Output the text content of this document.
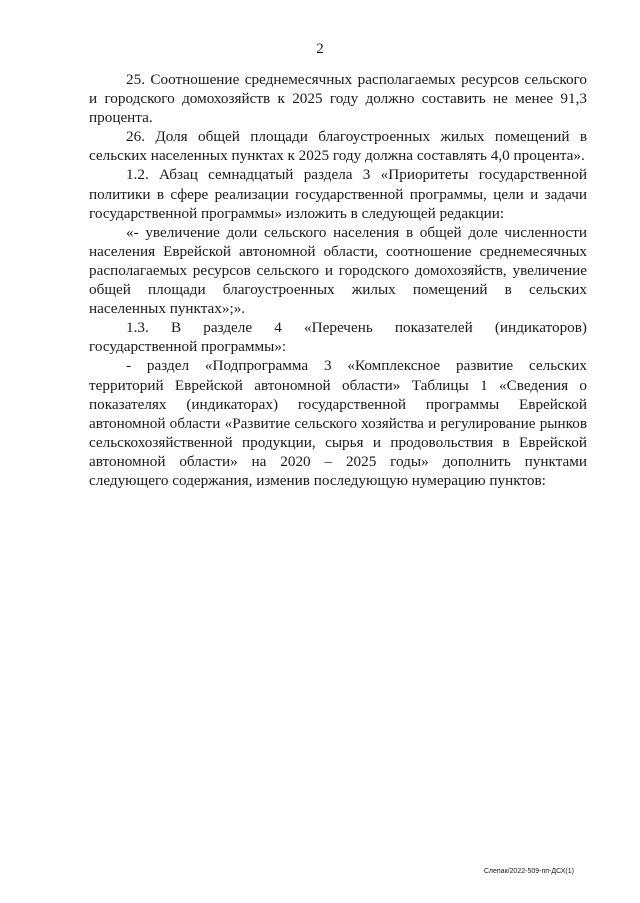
2

25. Соотношение среднемесячных располагаемых ресурсов сельского и городского домохозяйств к 2025 году должно составить не менее 91,3 процента.

26. Доля общей площади благоустроенных жилых помещений в сельских населенных пунктах к 2025 году должна составлять 4,0 процента».

1.2. Абзац семнадцатый раздела 3 «Приоритеты государственной политики в сфере реализации государственной программы, цели и задачи государственной программы» изложить в следующей редакции:

«- увеличение доли сельского населения в общей доле численности населения Еврейской автономной области, соотношение среднемесячных располагаемых ресурсов сельского и городского домохозяйств, увеличение общей площади благоустроенных жилых помещений в сельских населенных пунктах»;».

1.3. В разделе 4 «Перечень показателей (индикаторов) государственной программы»:

- раздел «Подпрограмма 3 «Комплексное развитие сельских территорий Еврейской автономной области» Таблицы 1 «Сведения о показателях (индикаторах) государственной программы Еврейской автономной области «Развитие сельского хозяйства и регулирование рынков сельскохозяйственной продукции, сырья и продовольствия в Еврейской автономной области» на 2020 – 2025 годы» дополнить пунктами следующего содержания, изменив последующую нумерацию пунктов:

Слепак/2022-509-пп-ДСХ(1)
